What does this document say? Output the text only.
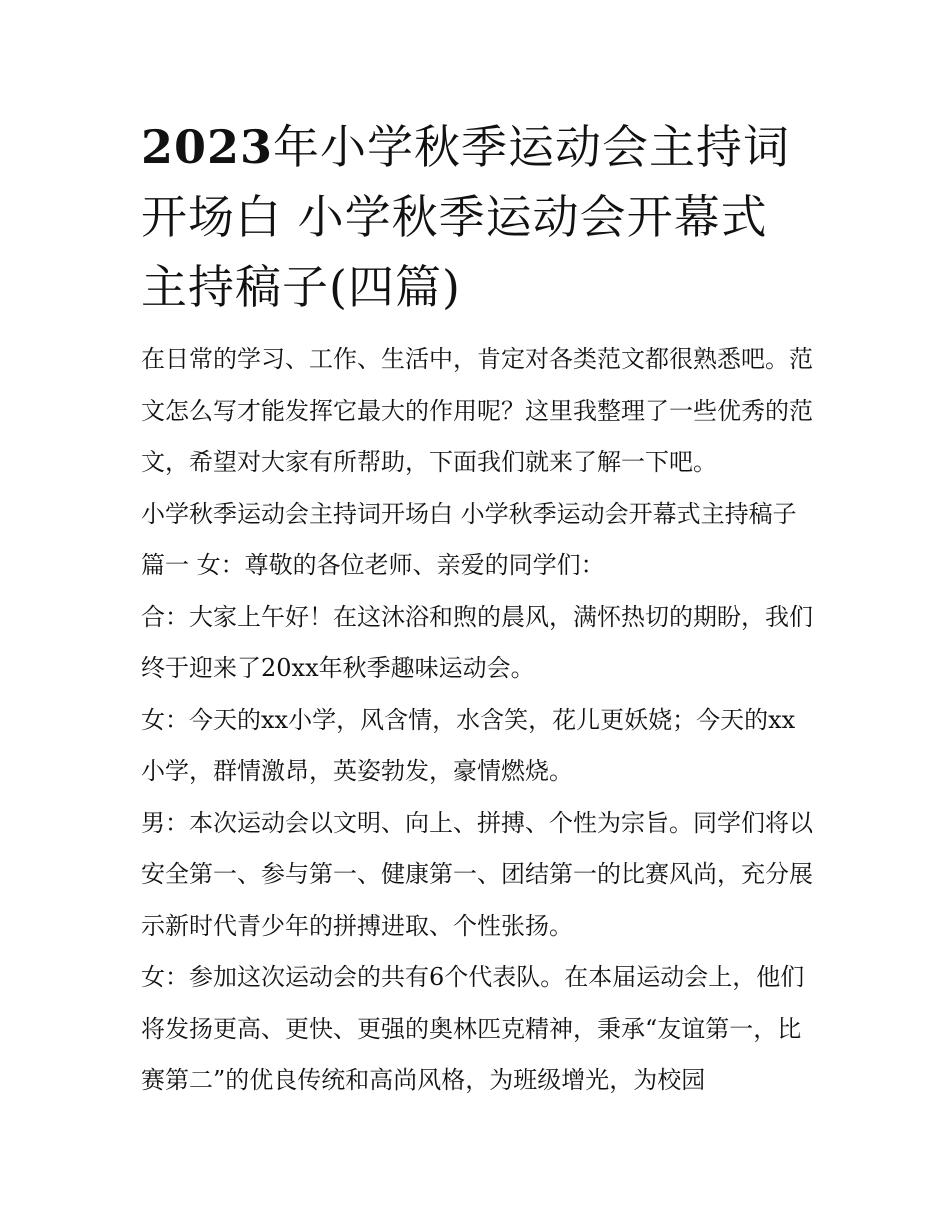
2023年小学秋季运动会主持词开场白 小学秋季运动会开幕式主持稿子(四篇)

在日常的学习、工作、生活中，肯定对各类范文都很熟悉吧。范文怎么写才能发挥它最大的作用呢？这里我整理了一些优秀的范文，希望对大家有所帮助，下面我们就来了解一下吧。

小学秋季运动会主持词开场白 小学秋季运动会开幕式主持稿子篇一 女：尊敬的各位老师、亲爱的同学们：

合：大家上午好！在这沐浴和煦的晨风，满怀热切的期盼，我们终于迎来了20xx年秋季趣味运动会。

女：今天的xx小学，风含情，水含笑，花儿更妖娆；今天的xx小学，群情激昂，英姿勃发，豪情燃烧。

男：本次运动会以文明、向上、拼搏、个性为宗旨。同学们将以安全第一、参与第一、健康第一、团结第一的比赛风尚，充分展示新时代青少年的拼搏进取、个性张扬。

女：参加这次运动会的共有6个代表队。在本届运动会上，他们将发扬更高、更快、更强的奥林匹克精神，秉承“友谊第一，比赛第二”的优良传统和高尚风格，为班级增光，为校园
